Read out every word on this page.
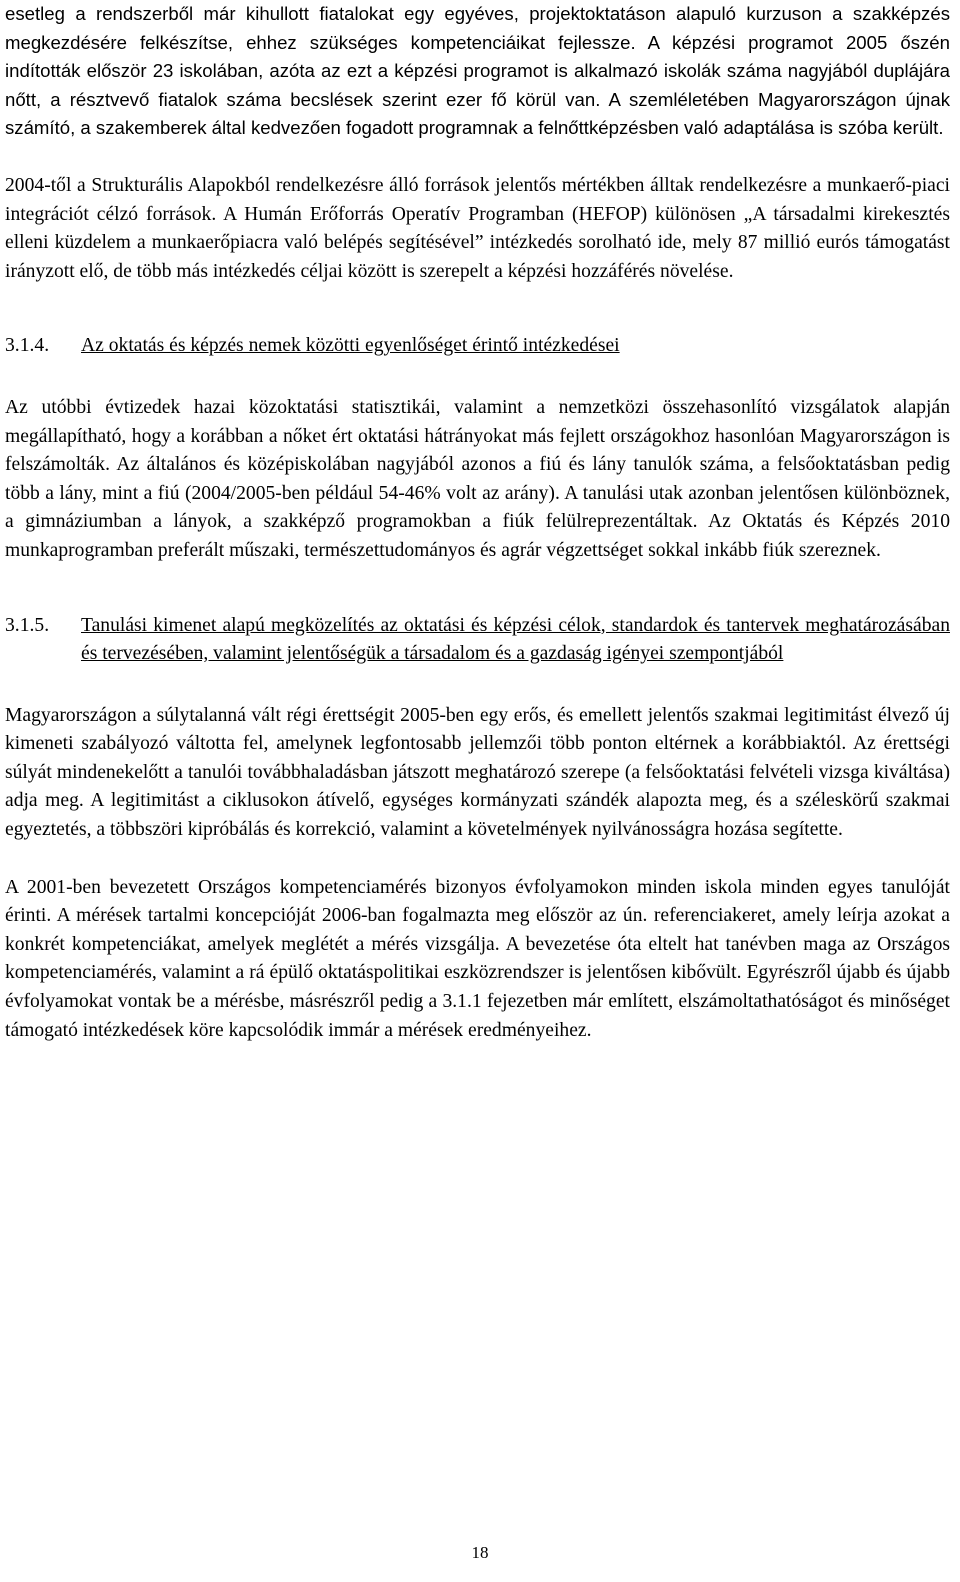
esetleg a rendszerből már kihullott fiatalokat egy egyéves, projektoktatáson alapuló kurzuson a szakképzés megkezdésére felkészítse, ehhez szükséges kompetenciáikat fejlessze. A képzési programot 2005 őszén indították először 23 iskolában, azóta az ezt a képzési programot is alkalmazó iskolák száma nagyjából duplájára nőtt, a résztvevő fiatalok száma becslések szerint ezer fő körül van. A szemléletében Magyarországon újnak számító, a szakemberek által kedvezően fogadott programnak a felnőttképzésben való adaptálása is szóba került.

2004-től a Strukturális Alapokból rendelkezésre álló források jelentős mértékben álltak rendelkezésre a munkaerő-piaci integrációt célzó források. A Humán Erőforrás Operatív Programban (HEFOP) különösen „A társadalmi kirekesztés elleni küzdelem a munkaerőpiacra való belépés segítésével” intézkedés sorolható ide, mely 87 millió eurós támogatást irányzott elő, de több más intézkedés céljai között is szerepelt a képzési hozzáférés növelése.

3.1.4.	Az oktatás és képzés nemek közötti egyenlőséget érintő intézkedései

Az utóbbi évtizedek hazai közoktatási statisztikái, valamint a nemzetközi összehasonlító vizsgálatok alapján megállapítható, hogy a korábban a nőket ért oktatási hátrányokat más fejlett országokhoz hasonlóan Magyarországon is felszámolták. Az általános és középiskolában nagyjából azonos a fiú és lány tanulók száma, a felsőoktatásban pedig több a lány, mint a fiú (2004/2005-ben például 54-46% volt az arány). A tanulási utak azonban jelentősen különböznek, a gimnáziumban a lányok, a szakképző programokban a fiúk felülreprezentáltak. Az Oktatás és Képzés 2010 munkaprogramban preferált műszaki, természettudományos és agrár végzettséget sokkal inkább fiúk szereznek.

3.1.5.	Tanulási kimenet alapú megközelítés az oktatási és képzési célok, standardok és tantervek meghatározásában és tervezésében, valamint jelentőségük a társadalom és a gazdaság igényei szempontjából

Magyarországon a súlytalanná vált régi érettségit 2005-ben egy erős, és emellett jelentős szakmai legitimitást élvező új kimeneti szabályozó váltotta fel, amelynek legfontosabb jellemzői több ponton eltérnek a korábbiaktól. Az érettségi súlyát mindenekelőtt a tanulói továbbhaladásban játszott meghatározó szerepe (a felsőoktatási felvételi vizsga kiváltása) adja meg. A legitimitást a ciklusokon átívelő, egységes kormányzati szándék alapozta meg, és a széleskörű szakmai egyeztetés, a többszöri kipróbálás és korrekció, valamint a követelmények nyilvánosságra hozása segítette.

A 2001-ben bevezetett Országos kompetenciamérés bizonyos évfolyamokon minden iskola minden egyes tanulóját érinti. A mérések tartalmi koncepcióját 2006-ban fogalmazta meg először az ún. referenciakeret, amely leírja azokat a konkrét kompetenciákat, amelyek meglétét a mérés vizsgálja. A bevezetése óta eltelt hat tanévben maga az Országos kompetenciamérés, valamint a rá épülő oktatáspolitikai eszközrendszer is jelentősen kibővült. Egyrészről újabb és újabb évfolyamokat vontak be a mérésbe, másrészről pedig a 3.1.1 fejezetben már említett, elszámoltathatóságot és minőséget támogató intézkedések köre kapcsolódik immár a mérések eredményeihez.

18
